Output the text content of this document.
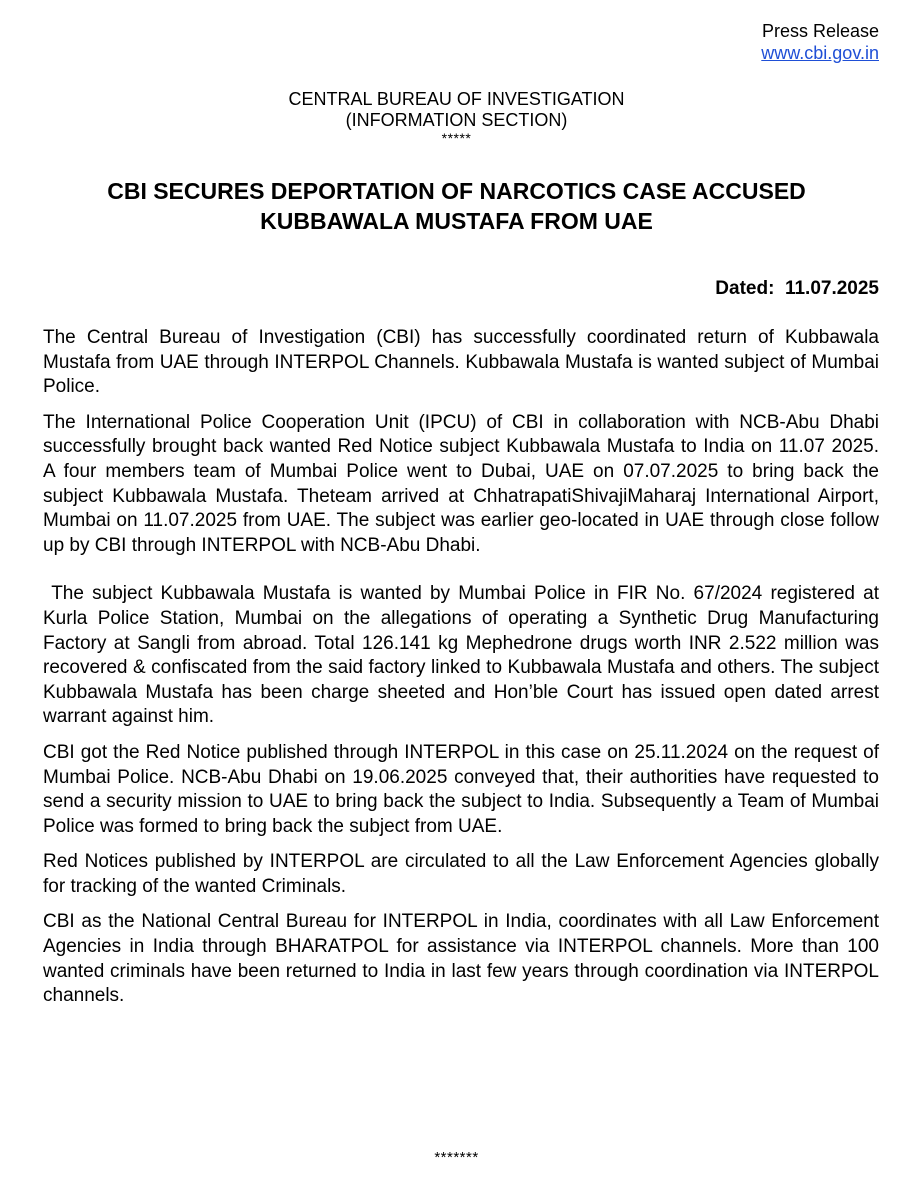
Press Release
www.cbi.gov.in
CENTRAL BUREAU OF INVESTIGATION
(INFORMATION SECTION)
*****
CBI SECURES DEPORTATION OF NARCOTICS CASE ACCUSED
KUBBAWALA MUSTAFA FROM UAE
Dated:  11.07.2025

The Central Bureau of Investigation (CBI) has successfully coordinated return of Kubbawala Mustafa from UAE through INTERPOL Channels. Kubbawala Mustafa is wanted subject of Mumbai Police.

The International Police Cooperation Unit (IPCU) of CBI in collaboration with NCB-Abu Dhabi successfully brought back wanted Red Notice subject Kubbawala Mustafa to India on 11.07 2025. A four members team of Mumbai Police went to Dubai, UAE on 07.07.2025 to bring back the subject Kubbawala Mustafa. Theteam arrived at ChhatrapatiShivajiMaharaj International Airport, Mumbai on 11.07.2025 from UAE. The subject was earlier geo-located in UAE through close follow up by CBI through INTERPOL with NCB-Abu Dhabi.

The subject Kubbawala Mustafa is wanted by Mumbai Police in FIR No. 67/2024 registered at Kurla Police Station, Mumbai on the allegations of operating a Synthetic Drug Manufacturing Factory at Sangli from abroad. Total 126.141 kg Mephedrone drugs worth INR 2.522 million was recovered & confiscated from the said factory linked to Kubbawala Mustafa and others. The subject Kubbawala Mustafa has been charge sheeted and Hon’ble Court has issued open dated arrest warrant against him.

CBI got the Red Notice published through INTERPOL in this case on 25.11.2024 on the request of Mumbai Police. NCB-Abu Dhabi on 19.06.2025 conveyed that, their authorities have requested to send a security mission to UAE to bring back the subject to India. Subsequently a Team of Mumbai Police was formed to bring back the subject from UAE.

Red Notices published by INTERPOL are circulated to all the Law Enforcement Agencies globally for tracking of the wanted Criminals.

CBI as the National Central Bureau for INTERPOL in India, coordinates with all Law Enforcement Agencies in India through BHARATPOL for assistance via INTERPOL channels. More than 100 wanted criminals have been returned to India in last few years through coordination via INTERPOL channels.

*******
